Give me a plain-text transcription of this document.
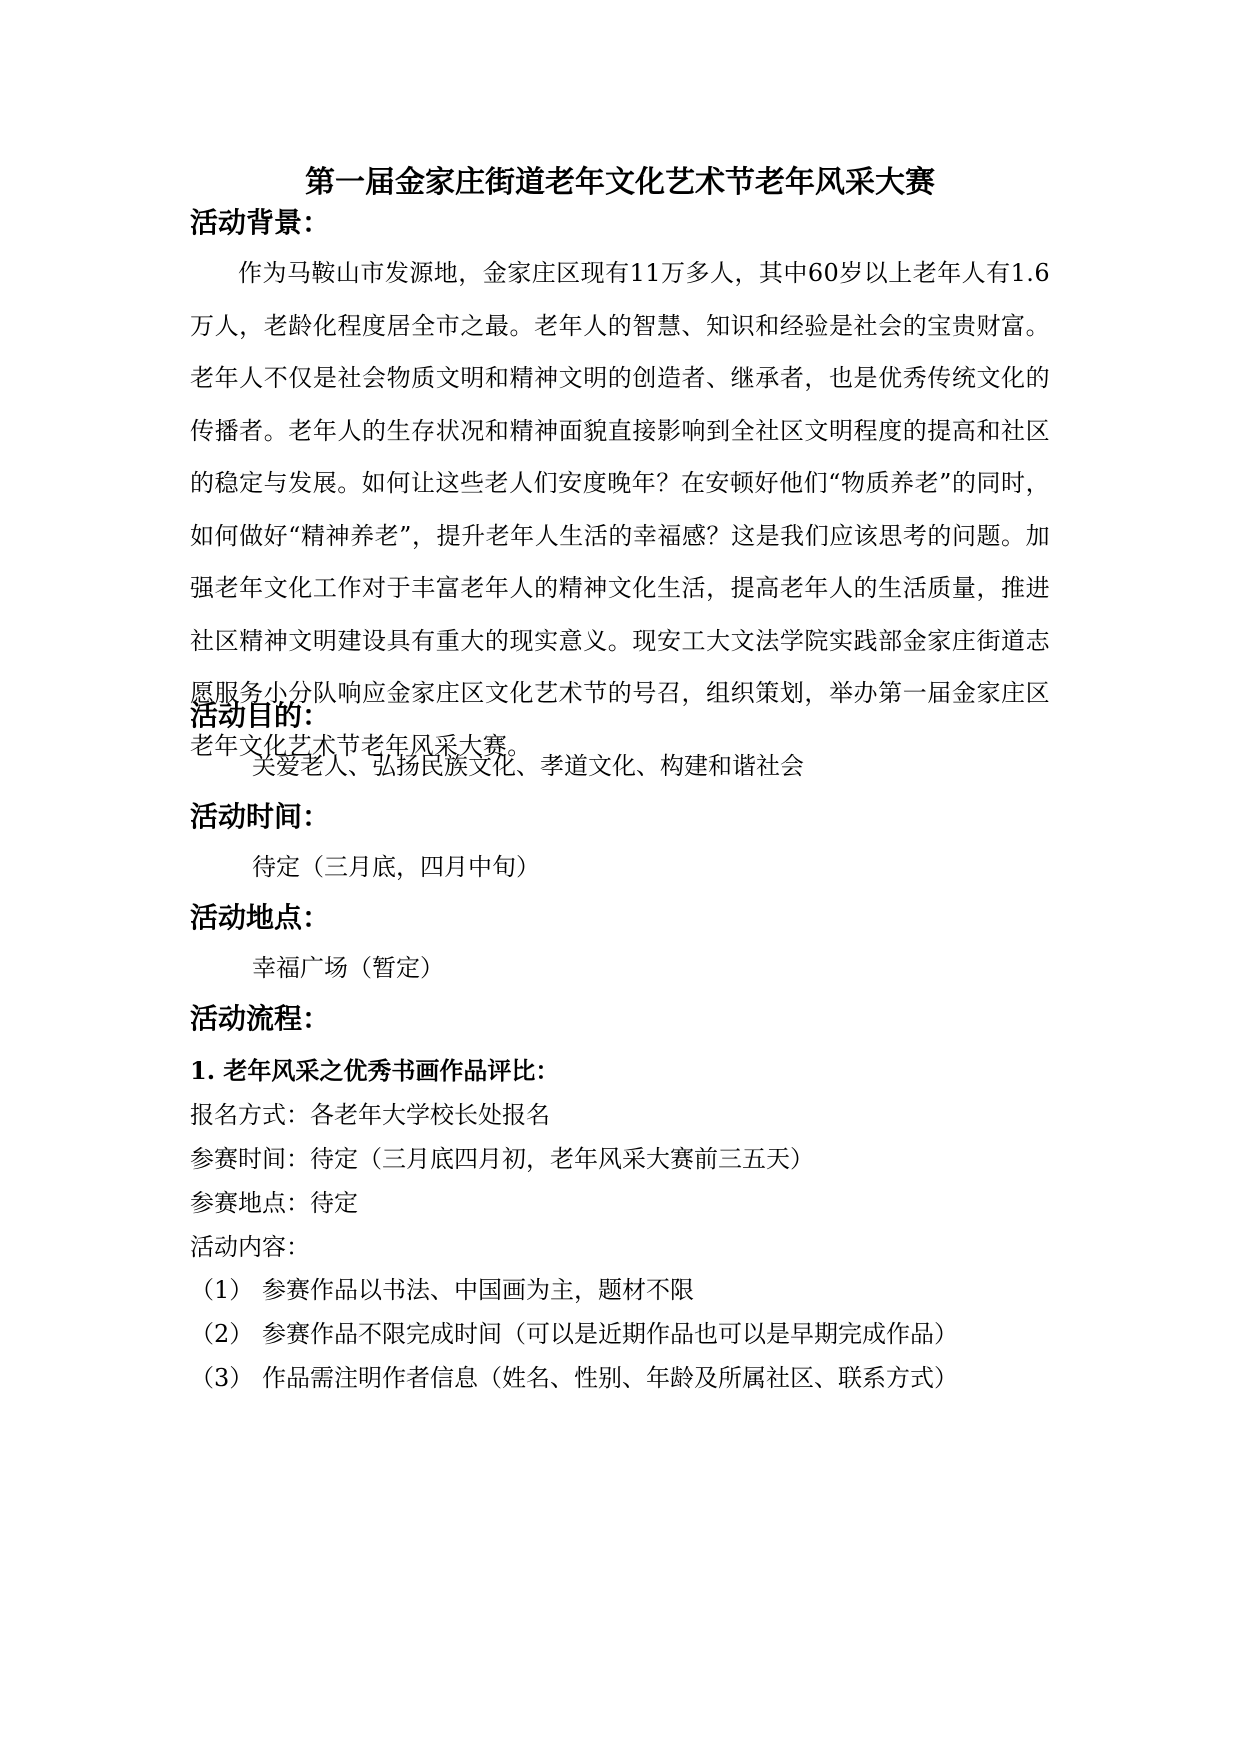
第一届金家庄街道老年文化艺术节老年风采大赛
活动背景：
作为马鞍山市发源地，金家庄区现有11万多人，其中60岁以上老年人有1.6万人，老龄化程度居全市之最。老年人的智慧、知识和经验是社会的宝贵财富。老年人不仅是社会物质文明和精神文明的创造者、继承者，也是优秀传统文化的传播者。老年人的生存状况和精神面貌直接影响到全社区文明程度的提高和社区的稳定与发展。如何让这些老人们安度晚年？在安顿好他们“物质养老”的同时，如何做好“精神养老”，提升老年人生活的幸福感？这是我们应该思考的问题。加强老年文化工作对于丰富老年人的精神文化生活，提高老年人的生活质量，推进社区精神文明建设具有重大的现实意义。现安工大文法学院实践部金家庄街道志愿服务小分队响应金家庄区文化艺术节的号召，组织策划，举办第一届金家庄区老年文化艺术节老年风采大赛。
活动目的：
关爱老人、弘扬民族文化、孝道文化、构建和谐社会
活动时间：
待定（三月底，四月中旬）
活动地点：
幸福广场（暂定）
活动流程：
1. 老年风采之优秀书画作品评比：
报名方式：各老年大学校长处报名
参赛时间：待定（三月底四月初，老年风采大赛前三五天）
参赛地点：待定
活动内容：
（1） 参赛作品以书法、中国画为主，题材不限
（2） 参赛作品不限完成时间（可以是近期作品也可以是早期完成作品）
（3） 作品需注明作者信息（姓名、性别、年龄及所属社区、联系方式）
